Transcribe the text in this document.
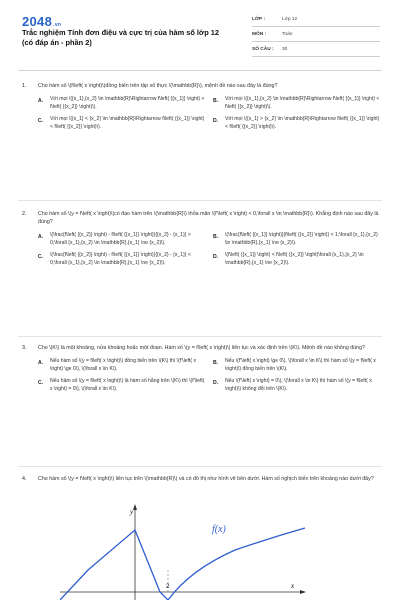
2048.vn
Trắc nghiệm Tính đơn điệu và cực trị của hàm số lớp 12 (có đáp án - phần 2)
LỚP :	Lớp 12
MÔN :	Toán
SỐ CÂU :	30
1.	Cho hàm số \(f\left( x \right)\)đồng biến trên tập số thực \(\mathbb{R}\), mệnh đề nào sau đây là đúng?
A.	Với mọi \({x_1},{x_2} \in \mathbb{R}\Rightarrow f\left( {{x_1}} \right) > f\left( {{x_2}} \right)\).
B.	Với mọi \({x_1},{x_2} \in \mathbb{R}\Rightarrow f\left( {{x_1}} \right) < f\left( {{x_2}} \right)\).
C.	Với mọi \({x_1} < {x_2} \in \mathbb{R}\Rightarrow f\left( {{x_1}} \right) < f\left( {{x_2}} \right)\).
D.	Với mọi \({x_1} > {x_2} \in \mathbb{R}\Rightarrow f\left( {{x_1}} \right) < f\left( {{x_2}} \right)\).
2.	Cho hàm số \(y = f\left( x \right)\)có đạo hàm trên \(\mathbb{R}\) thỏa mãn \(f'\left( x \right) < 0,\forall x \in \mathbb{R}\). Khẳng định nào sau đây là đúng?
A.	\(\frac{f\left( {{x_2}} \right) - f\left( {{x_1}} \right)}{{x_2} - {x_1}} > 0;\forall {x_1},{x_2} \in \mathbb{R},{x_1} \ne {x_2}\).
B.	\(\frac{f\left( {{x_1}} \right)}{f\left( {{x_2}} \right)} < 1;\forall {x_1},{x_2} \in \mathbb{R},{x_1} \ne {x_2}\).
C.	\(\frac{f\left( {{x_2}} \right) - f\left( {{x_1}} \right)}{{x_2} - {x_1}} < 0;\forall {x_1},{x_2} \in \mathbb{R},{x_1} \ne {x_2}\).
D.	\(f\left( {{x_1}} \right) < f\left( {{x_2}} \right)\forall {x_1},{x_2} \in \mathbb{R},{x_1} \ne {x_2}\).
3.	Cho \(K\) là một khoảng, nửa khoảng hoặc một đoạn. Hàm số \(y = f\left( x \right)\) liên tục và xác định trên \(K\). Mệnh đề nào không đúng?
A.	Nếu hàm số \(y = f\left( x \right)\) đồng biến trên \(K\) thì \(f'\left( x \right) \ge 0\), \(\forall x \in K\).
B.	Nếu \(f'\left( x \right) \ge 0\), \(\forall x \in K\) thì hàm số \(y = f\left( x \right)\) đồng biến trên \(K\).
C.	Nếu hàm số \(y = f\left( x \right)\) là hàm số hằng trên \(K\) thì \(f'\left( x \right) = 0\), \(\forall x \in K\).
D.	Nếu \(f'\left( x \right) = 0\), \(\forall x \in K\) thì hàm số \(y = f\left( x \right)\) không đổi trên \(K\).
4.	Cho hàm số \(y = f\left( x \right)\) liên tục trên \(\mathbb{R}\) và có đồ thị như hình vẽ bên dưới. Hàm số nghịch biến trên khoảng nào dưới đây?
y
x
2
f(x)
